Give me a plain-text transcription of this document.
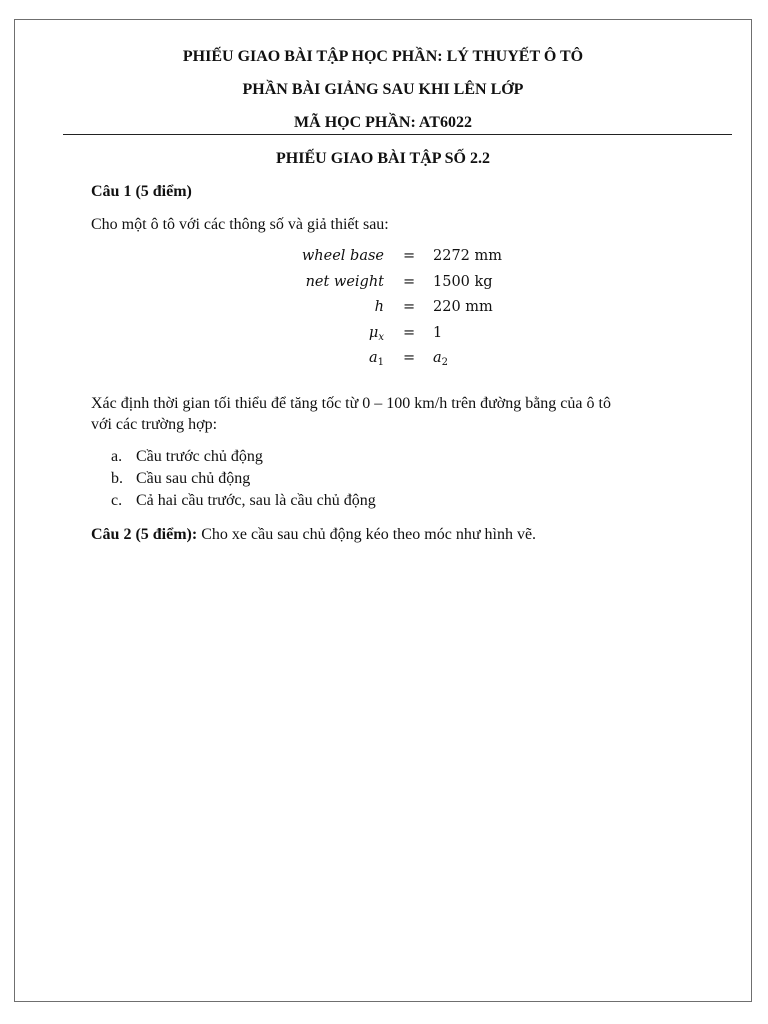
PHIẾU GIAO BÀI TẬP HỌC PHẦN: LÝ THUYẾT Ô TÔ
PHẦN BÀI GIẢNG SAU KHI LÊN LỚP
MÃ HỌC PHẦN: AT6022
PHIẾU GIAO BÀI TẬP SỐ 2.2
Câu 1 (5 điểm)
Cho một ô tô với các thông số và giả thiết sau:
wheel base = 2272 mm
net weight = 1500 kg
h = 220 mm
$\mu_x = 1$
$a_1 = a_2$
Xác định thời gian tối thiểu để tăng tốc từ 0 – 100 km/h trên đường bằng của ô tô
với các trường hợp:
a. Cầu trước chủ động
b. Cầu sau chủ động
c. Cả hai cầu trước, sau là cầu chủ động
Câu 2 (5 điểm): Cho xe cầu sau chủ động kéo theo móc như hình vẽ.
